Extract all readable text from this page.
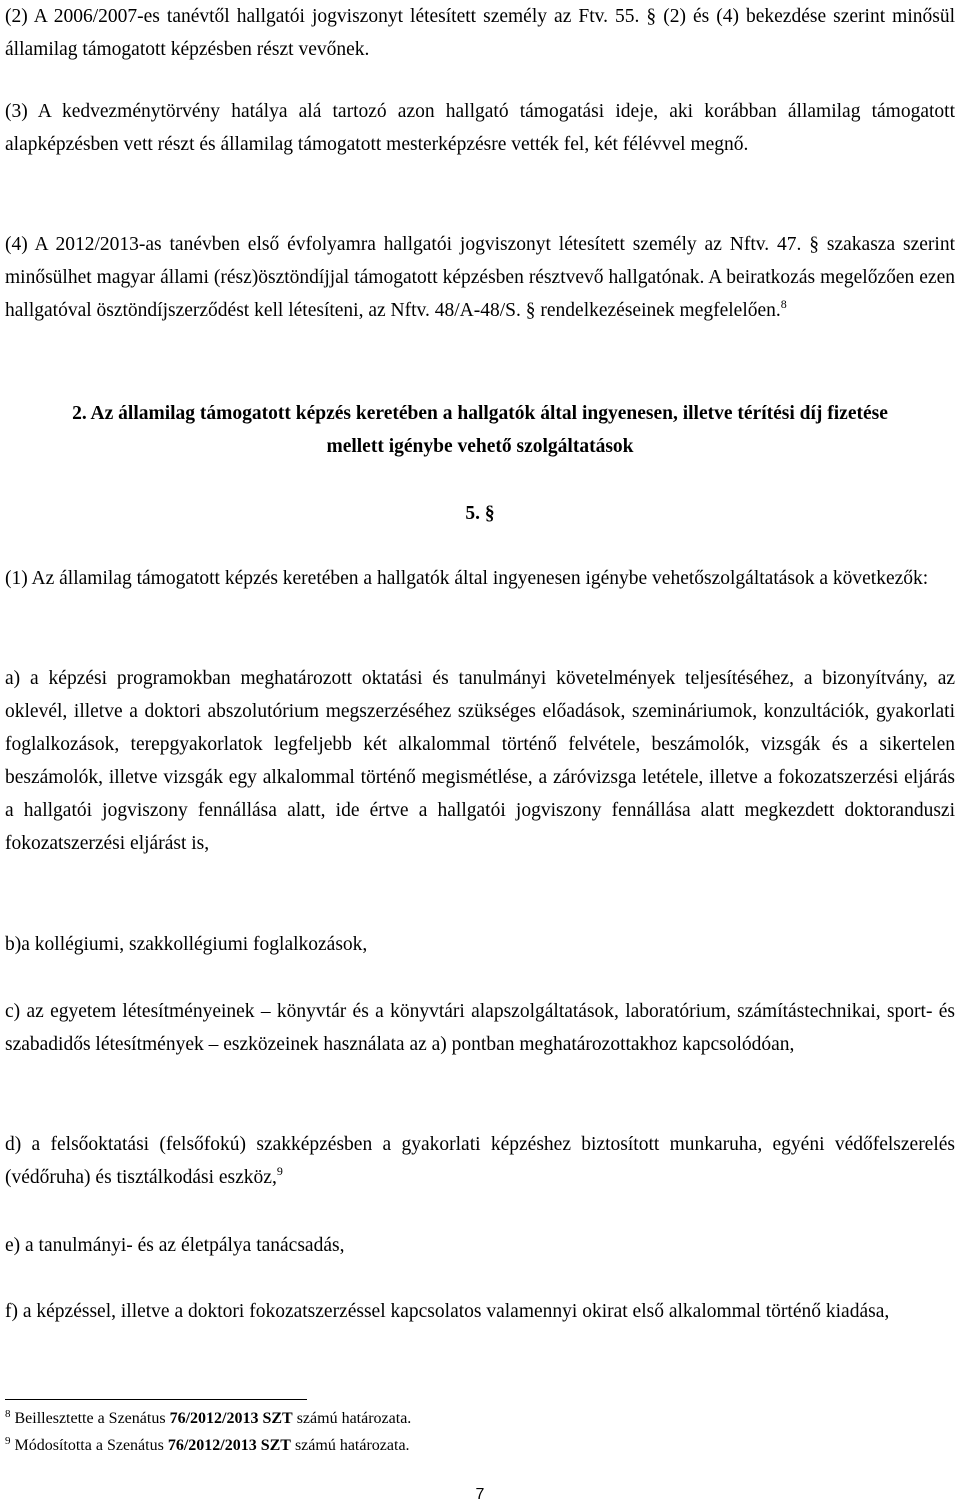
(2) A 2006/2007-es tanévtől hallgatói jogviszonyt létesített személy az Ftv. 55. § (2) és (4) bekezdése szerint minősül államilag támogatott képzésben részt vevőnek.

(3) A kedvezménytörvény hatálya alá tartozó azon hallgató támogatási ideje, aki korábban államilag támogatott alapképzésben vett részt és államilag támogatott mesterképzésre vették fel, két félévvel megnő.

(4) A 2012/2013-as tanévben első évfolyamra hallgatói jogviszonyt létesített személy az Nftv. 47. § szakasza szerint minősülhet magyar állami (rész)ösztöndíjjal támogatott képzésben résztvevő hallgatónak. A beiratkozás megelőzően ezen hallgatóval ösztöndíjszerződést kell létesíteni, az Nftv. 48/A-48/S. § rendelkezéseinek megfelelően.$^8$

2. Az államilag támogatott képzés keretében a hallgatók által ingyenesen, illetve térítési díj fizetése mellett igénybe vehető szolgáltatások
5. §

(1) Az államilag támogatott képzés keretében a hallgatók által ingyenesen igénybe vehetőszolgáltatások a következők:

a) a képzési programokban meghatározott oktatási és tanulmányi követelmények teljesítéséhez, a bizonyítvány, az oklevél, illetve a doktori abszolutórium megszerzéséhez szükséges előadások, szemináriumok, konzultációk, gyakorlati foglalkozások, terepgyakorlatok legfeljebb két alkalommal történő felvétele, beszámolók, vizsgák és a sikertelen beszámolók, illetve vizsgák egy alkalommal történő megismétlése, a záróvizsga letétele, illetve a fokozatszerzési eljárás a hallgatói jogviszony fennállása alatt, ide értve a hallgatói jogviszony fennállása alatt megkezdett doktoranduszi fokozatszerzési eljárást is,

b)a kollégiumi, szakkollégiumi foglalkozások,

c) az egyetem létesítményeinek – könyvtár és a könyvtári alapszolgáltatások, laboratórium, számítástechnikai, sport- és szabadidős létesítmények – eszközeinek használata az a) pontban meghatározottakhoz kapcsolódóan,

d) a felsőoktatási (felsőfokú) szakképzésben a gyakorlati képzéshez biztosított munkaruha, egyéni védőfelszerelés (védőruha) és tisztálkodási eszköz,$^9$

e) a tanulmányi- és az életpálya tanácsadás,

f) a képzéssel, illetve a doktori fokozatszerzéssel kapcsolatos valamennyi okirat első alkalommal történő kiadása,

$^8$ Beillesztette a Szenátus 76/2012/2013 SZT számú határozata.
$^9$ Módosította a Szenátus 76/2012/2013 SZT számú határozata.
7
